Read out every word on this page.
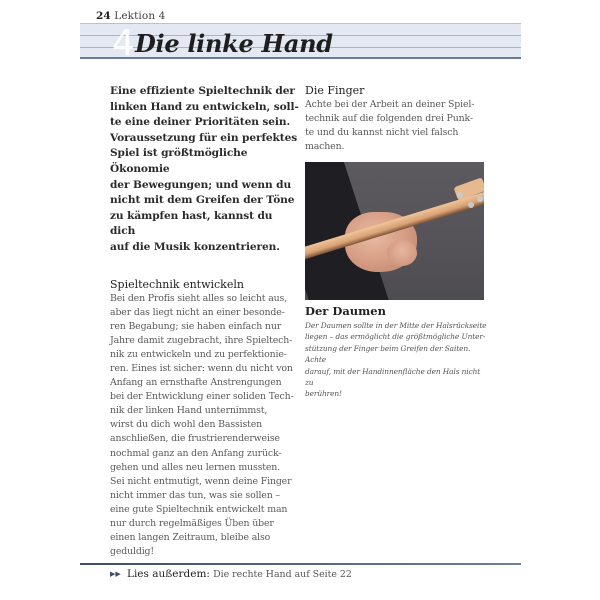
24 Lektion 4
4 Die linke Hand

Eine effiziente Spieltechnik der
linken Hand zu entwickeln, soll-
te eine deiner Prioritäten sein.
Voraussetzung für ein perfektes
Spiel ist größtmögliche Ökonomie
der Bewegungen; und wenn du
nicht mit dem Greifen der Töne
zu kämpfen hast, kannst du dich
auf die Musik konzentrieren.

Spieltechnik entwickeln

Bei den Profis sieht alles so leicht aus,
aber das liegt nicht an einer besonde-
ren Begabung; sie haben einfach nur
Jahre damit zugebracht, ihre Spieltech-
nik zu entwickeln und zu perfektionie-
ren. Eines ist sicher: wenn du nicht von
Anfang an ernsthafte Anstrengungen
bei der Entwicklung einer soliden Tech-
nik der linken Hand unternimmst,
wirst du dich wohl den Bassisten
anschließen, die frustrierenderweise
nochmal ganz an den Anfang zurück-
gehen und alles neu lernen mussten.
Sei nicht entmutigt, wenn deine Finger
nicht immer das tun, was sie sollen –
eine gute Spieltechnik entwickelt man
nur durch regelmäßiges Üben über
einen langen Zeitraum, bleibe also
geduldig!

Die Finger

Achte bei der Arbeit an deiner Spiel-
technik auf die folgenden drei Punk-
te und du kannst nicht viel falsch
machen.

Der Daumen

Der Daumen sollte in der Mitte der Halsrückseite
liegen – das ermöglicht die größtmögliche Unter-
stützung der Finger beim Greifen der Saiten. Achte
darauf, mit der Handinnenfläche den Hals nicht zu
berühren!

▶▶ Lies außerdem: Die rechte Hand auf Seite 22
